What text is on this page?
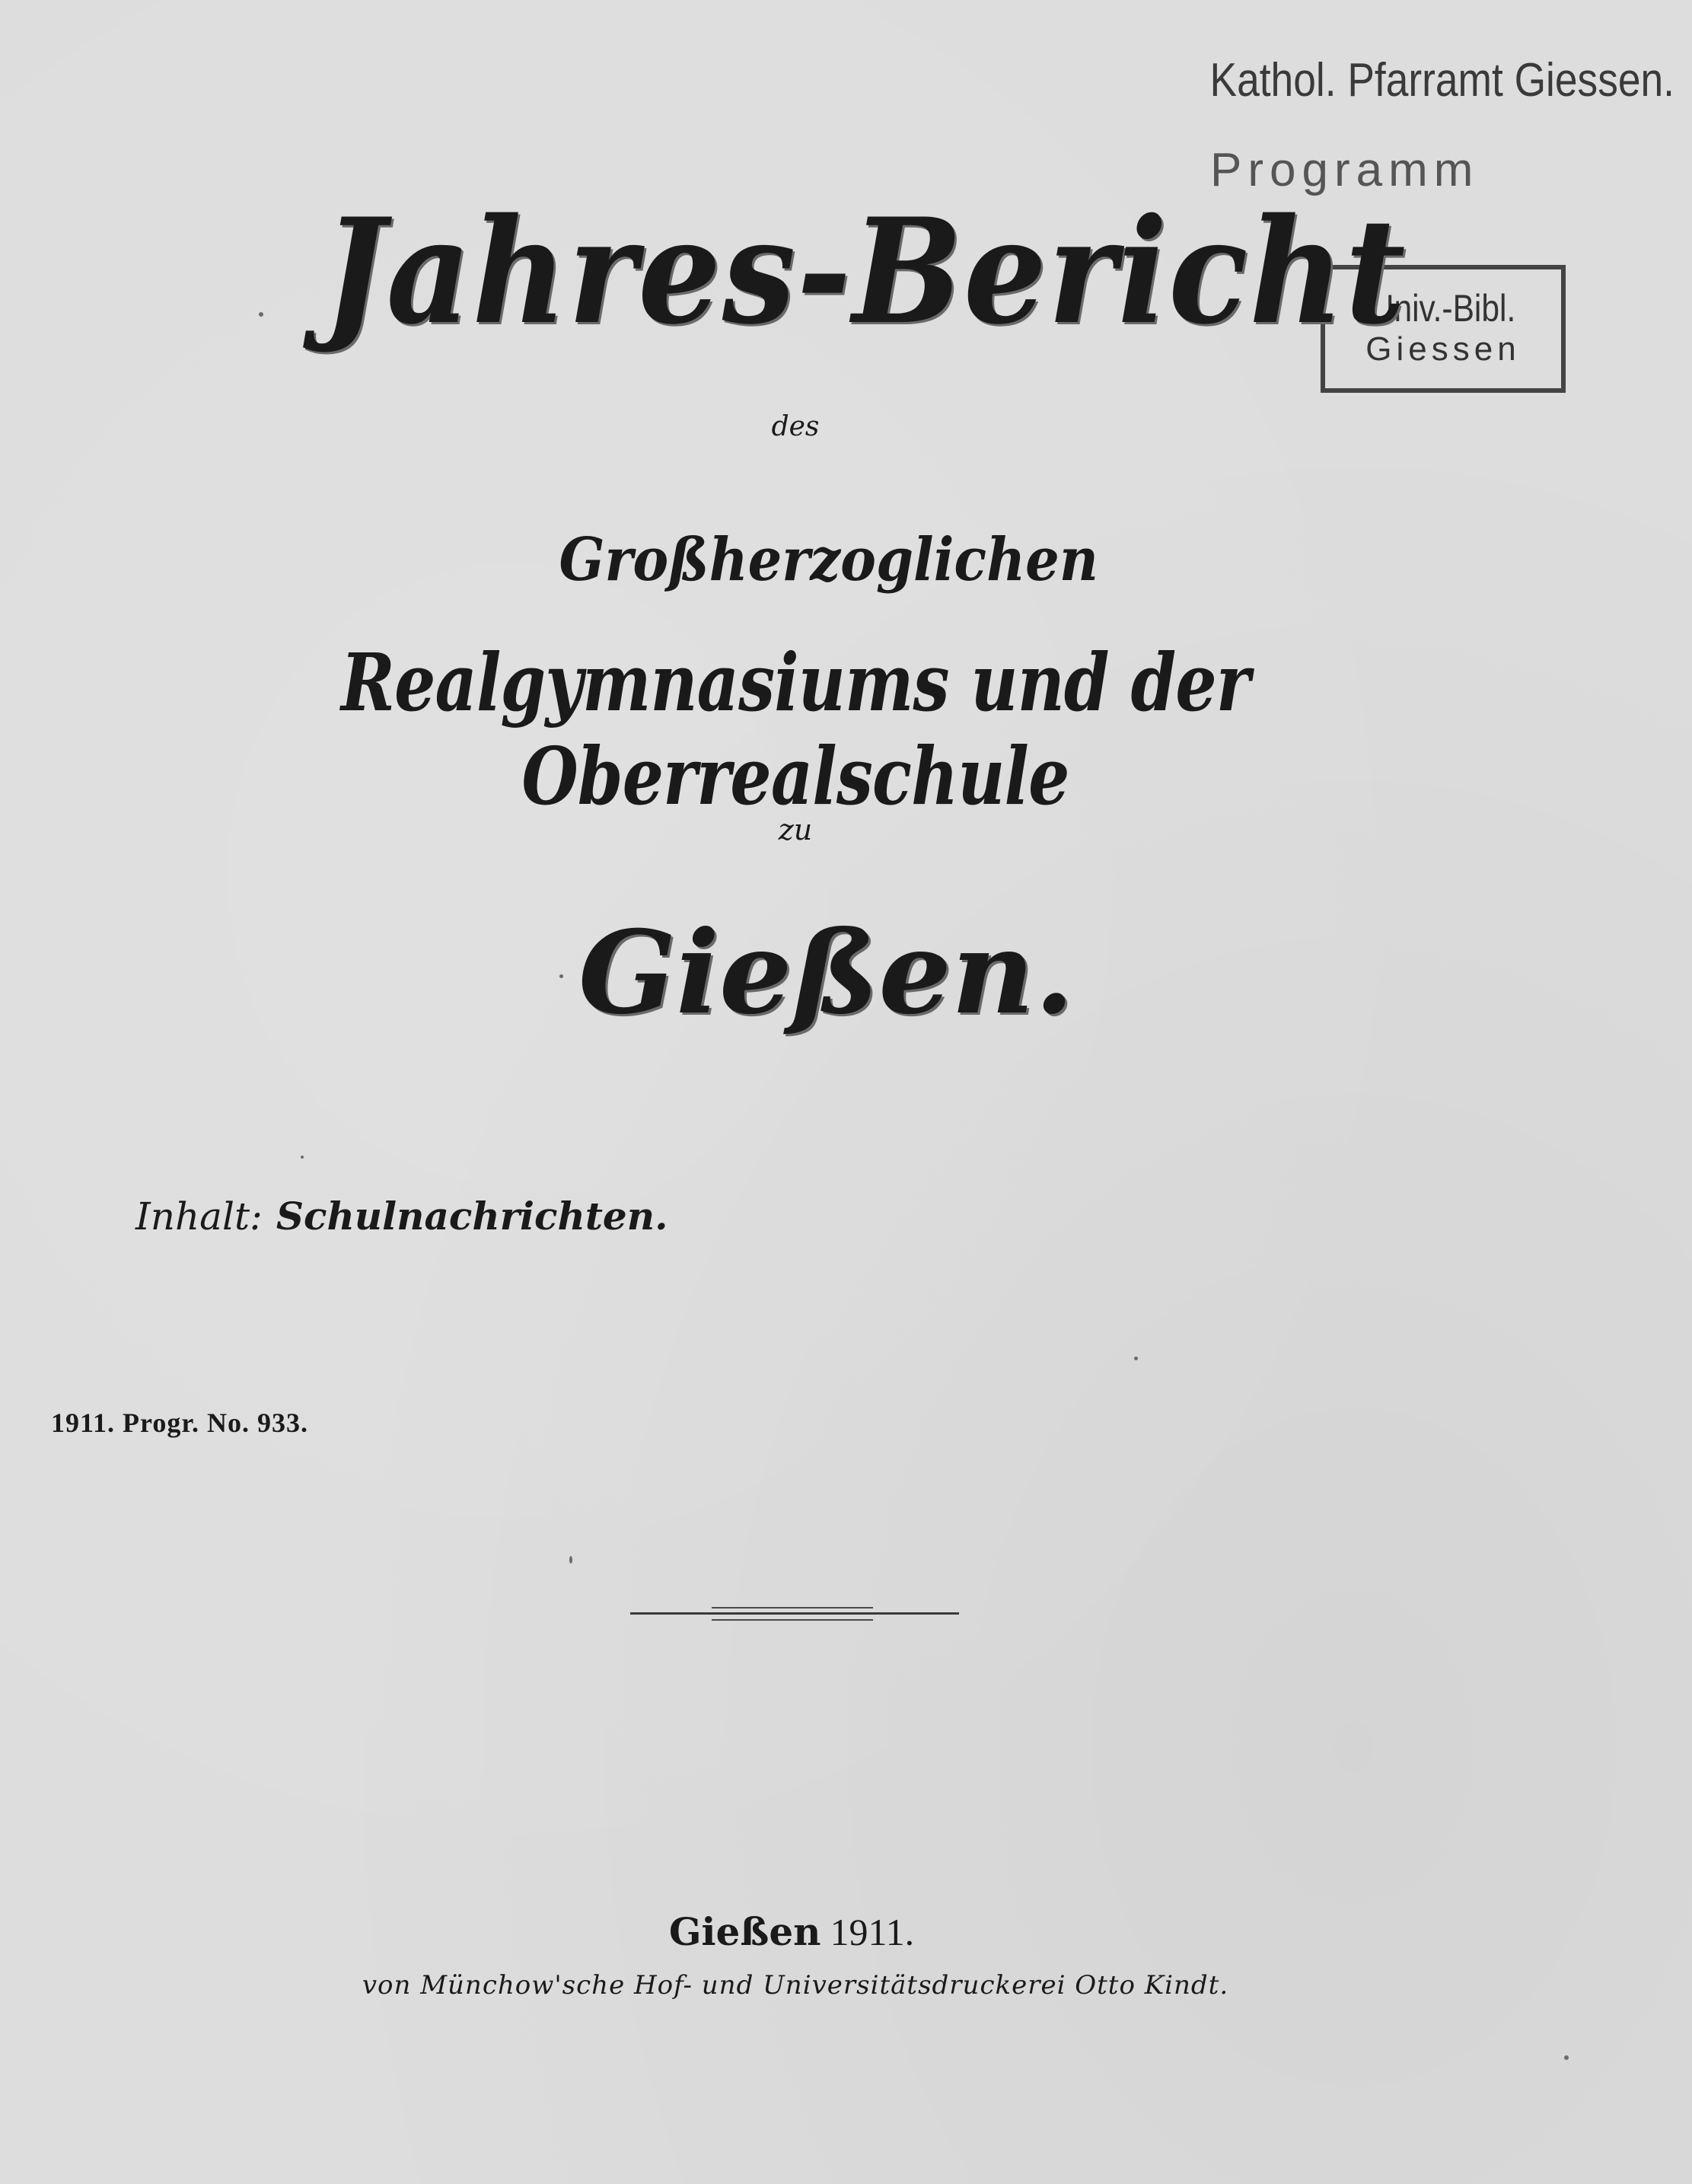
Kathol. Pfarramt Giessen.
Programm
Univ.-Bibl.
Giessen
Jahres-Bericht
des
Großherzoglichen
Realgymnasiums und der Oberrealschule
zu
Gießen.
Inhalt: Schulnachrichten.
1911. Progr. No. 933.
Gießen 1911.
von Münchow'sche Hof- und Universitätsdruckerei Otto Kindt.
